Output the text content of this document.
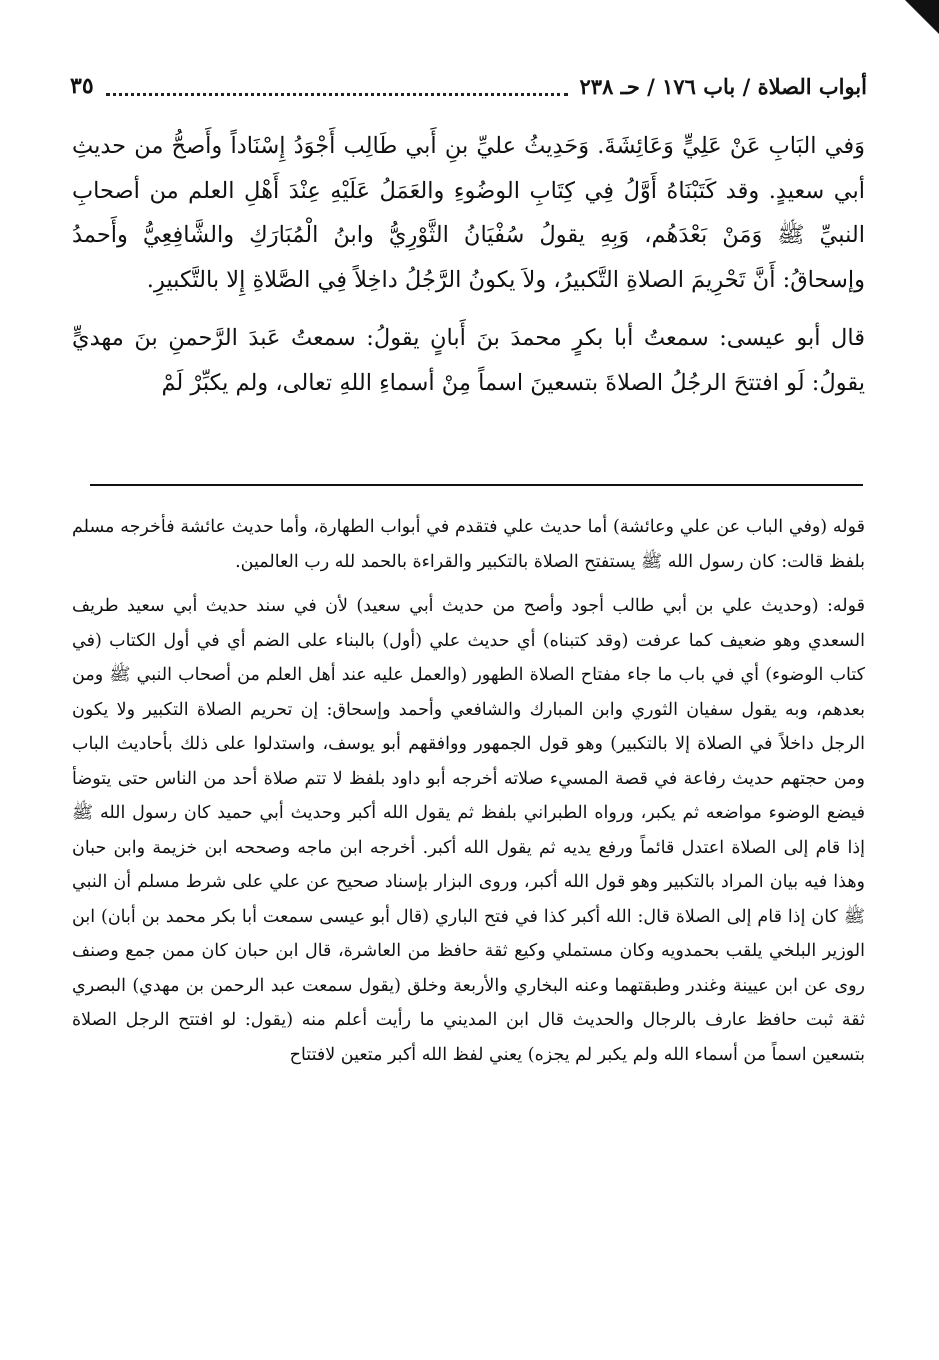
أبواب الصلاة / باب ١٧٦ / حـ ٢٣٨
٣٥

وَفي البَابِ عَنْ عَلِيٍّ وَعَائِشَةَ. وَحَدِيثُ عليِّ بنِ أَبي طَالِب أَجْوَدُ إِسْنَاداً وأَصحُّ من حديثِ أبي سعيدٍ. وقد كَتَبْنَاهُ أَوَّلُ فِي كِتَابِ الوضُوءِ والعَمَلُ عَلَيْهِ عِنْدَ أَهْلِ العلم من أصحابِ النبيِّ ﷺ وَمَنْ بَعْدَهُم، وَبِهِ يقولُ سُفْيَانُ الثَّوْرِيُّ وابنُ الْمُبَارَكِ والشَّافِعِيُّ وأَحمدُ وإسحاقُ: أَنَّ تَحْرِيمَ الصلاةِ التَّكبيرُ، ولاَ يكونُ الرَّجُلُ داخِلاً فِي الصَّلاةِ إِلا بالتَّكبيرِ.

قال أبو عيسى: سمعتُ أبا بكرٍ محمدَ بنَ أَبانٍ يقولُ: سمعتُ عَبدَ الرَّحمنِ بنَ مهديٍّ يقولُ: لَو افتتحَ الرجُلُ الصلاةَ بتسعينَ اسماً مِنْ أسماءِ اللهِ تعالى، ولم يكبِّرْ لَمْ

قوله (وفي الباب عن علي وعائشة) أما حديث علي فتقدم في أبواب الطهارة، وأما حديث عائشة فأخرجه مسلم بلفظ قالت: كان رسول الله ﷺ يستفتح الصلاة بالتكبير والقراءة بالحمد لله رب العالمين.

قوله: (وحديث علي بن أبي طالب أجود وأصح من حديث أبي سعيد) لأن في سند حديث أبي سعيد طريف السعدي وهو ضعيف كما عرفت (وقد كتبناه) أي حديث علي (أول) بالبناء على الضم أي في أول الكتاب (في كتاب الوضوء) أي في باب ما جاء مفتاح الصلاة الطهور (والعمل عليه عند أهل العلم من أصحاب النبي ﷺ ومن بعدهم، وبه يقول سفيان الثوري وابن المبارك والشافعي وأحمد وإسحاق: إن تحريم الصلاة التكبير ولا يكون الرجل داخلاً في الصلاة إلا بالتكبير) وهو قول الجمهور ووافقهم أبو يوسف، واستدلوا على ذلك بأحاديث الباب ومن حجتهم حديث رفاعة في قصة المسيء صلاته أخرجه أبو داود بلفظ لا تتم صلاة أحد من الناس حتى يتوضأ فيضع الوضوء مواضعه ثم يكبر، ورواه الطبراني بلفظ ثم يقول الله أكبر وحديث أبي حميد كان رسول الله ﷺ إذا قام إلى الصلاة اعتدل قائماً ورفع يديه ثم يقول الله أكبر. أخرجه ابن ماجه وصححه ابن خزيمة وابن حبان وهذا فيه بيان المراد بالتكبير وهو قول الله أكبر، وروى البزار بإسناد صحيح عن علي على شرط مسلم أن النبي ﷺ كان إذا قام إلى الصلاة قال: الله أكبر كذا في فتح الباري (قال أبو عيسى سمعت أبا بكر محمد بن أبان) ابن الوزير البلخي يلقب بحمدويه وكان مستملي وكيع ثقة حافظ من العاشرة، قال ابن حبان كان ممن جمع وصنف روى عن ابن عيينة وغندر وطبقتهما وعنه البخاري والأربعة وخلق (يقول سمعت عبد الرحمن بن مهدي) البصري ثقة ثبت حافظ عارف بالرجال والحديث قال ابن المديني ما رأيت أعلم منه (يقول: لو افتتح الرجل الصلاة بتسعين اسماً من أسماء الله ولم يكبر لم يجزه) يعني لفظ الله أكبر متعين لافتتاح
